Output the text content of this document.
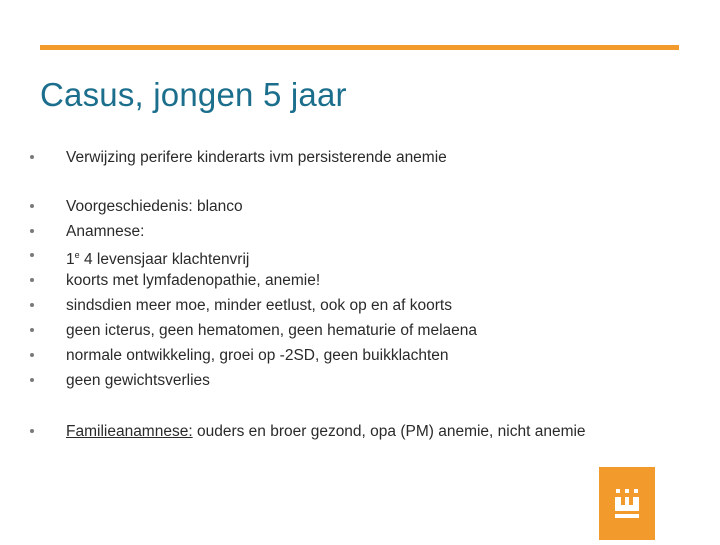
Casus, jongen 5 jaar
Verwijzing perifere kinderarts ivm persisterende anemie
Voorgeschiedenis: blanco
Anamnese:
1e 4 levensjaar klachtenvrij
koorts met lymfadenopathie, anemie!
sindsdien meer moe, minder eetlust, ook op en af koorts
geen icterus, geen hematomen, geen hematurie of melaena
normale ontwikkeling, groei op -2SD, geen buikklachten
geen gewichtsverlies
Familieanamnese: ouders en broer gezond, opa (PM) anemie, nicht anemie
